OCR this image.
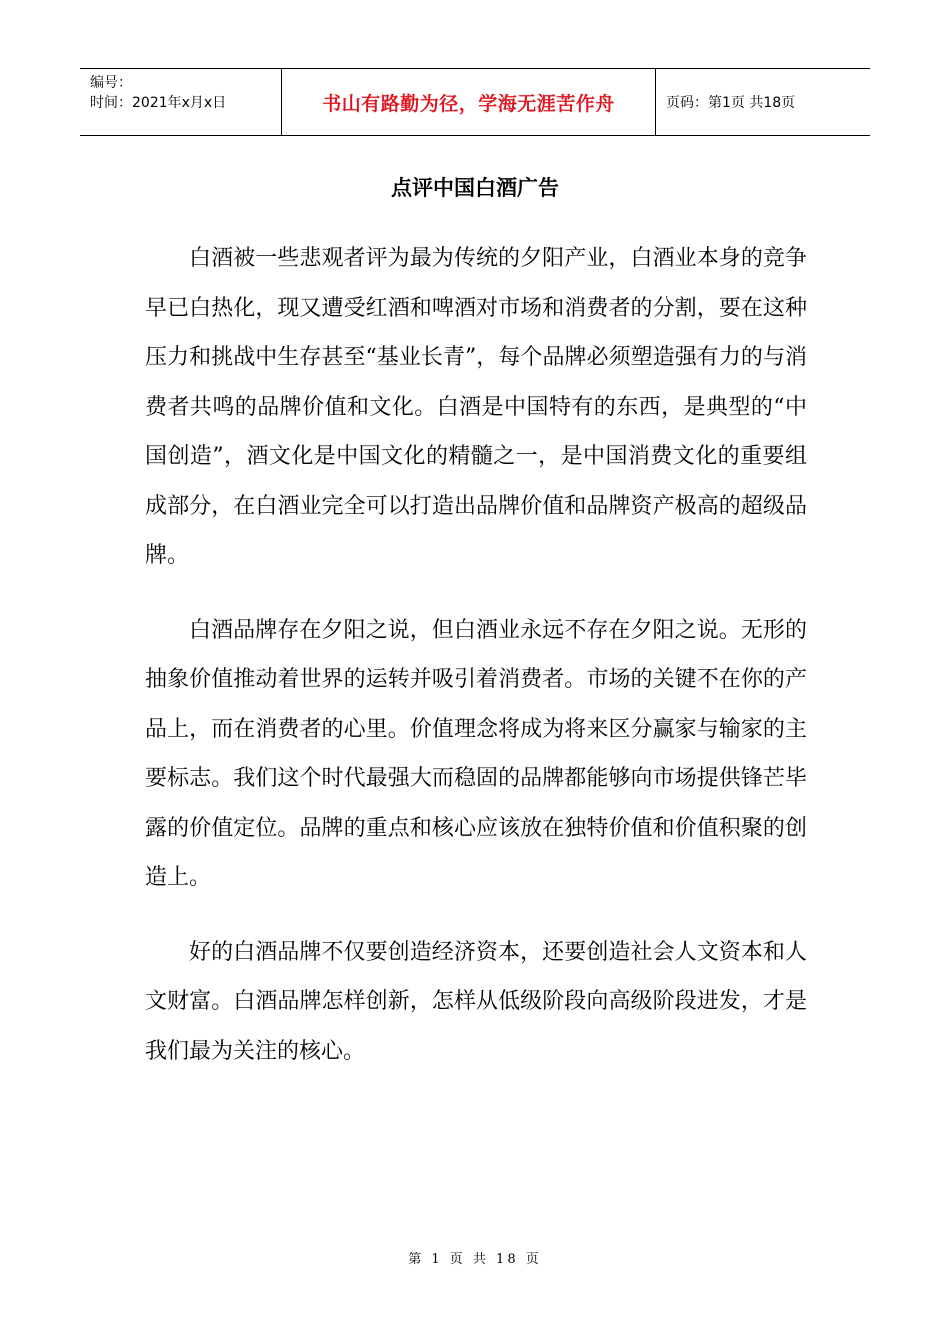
编号：
时间：2021年x月x日	书山有路勤为径，学海无涯苦作舟	页码：第1页 共18页
点评中国白酒广告

白酒被一些悲观者评为最为传统的夕阳产业，白酒业本身的竞争早已白热化，现又遭受红酒和啤酒对市场和消费者的分割，要在这种压力和挑战中生存甚至“基业长青”，每个品牌必须塑造强有力的与消费者共鸣的品牌价值和文化。白酒是中国特有的东西，是典型的“中国创造”，酒文化是中国文化的精髓之一，是中国消费文化的重要组成部分，在白酒业完全可以打造出品牌价值和品牌资产极高的超级品牌。

白酒品牌存在夕阳之说，但白酒业永远不存在夕阳之说。无形的抽象价值推动着世界的运转并吸引着消费者。市场的关键不在你的产品上，而在消费者的心里。价值理念将成为将来区分赢家与输家的主要标志。我们这个时代最强大而稳固的品牌都能够向市场提供锋芒毕露的价值定位。品牌的重点和核心应该放在独特价值和价值积聚的创造上。

好的白酒品牌不仅要创造经济资本，还要创造社会人文资本和人文财富。白酒品牌怎样创新，怎样从低级阶段向高级阶段进发，才是我们最为关注的核心。

第 1 页 共 18 页
